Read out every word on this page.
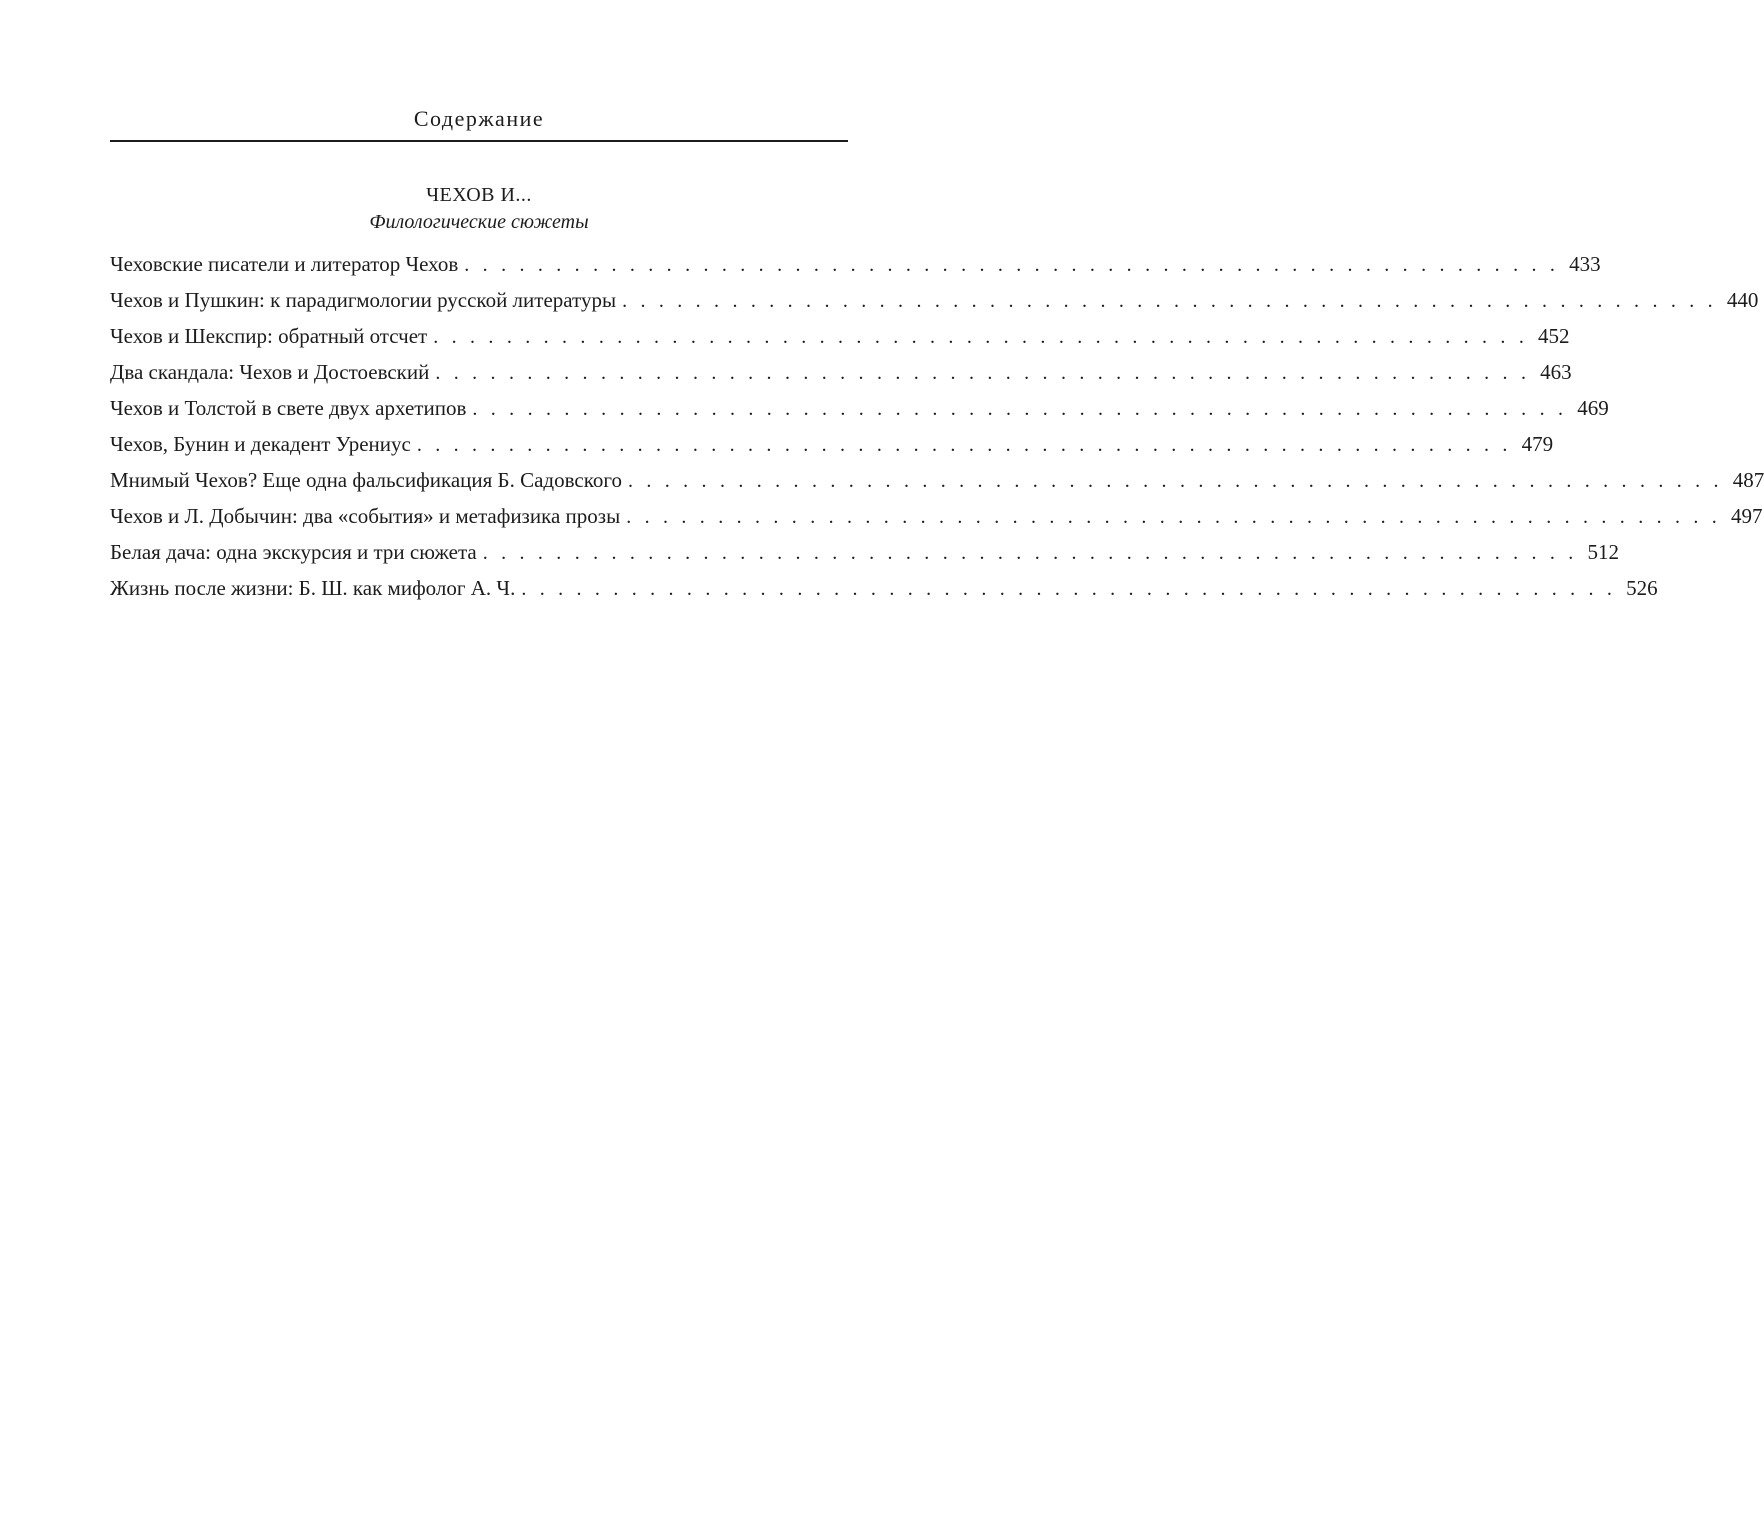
Содержание
ЧЕХОВ И...
Филологические сюжеты
Чеховские писатели и литератор Чехов . . . . . . . . . . . . . . . . . . . . . . . . . . . . . . . . . . . . . . . . . . . . . . . . . . . . . . . . . . . . 433
Чехов и Пушкин: к парадигмологии русской литературы . . . . . . . . . . . . . . . . . . . . . . . . . . . . . . . . . . . . . . . . . . . . . . . . . . . . . . . . . . . . 440
Чехов и Шекспир: обратный отсчет . . . . . . . . . . . . . . . . . . . . . . . . . . . . . . . . . . . . . . . . . . . . . . . . . . . . . . . . . . . . 452
Два скандала: Чехов и Достоевский . . . . . . . . . . . . . . . . . . . . . . . . . . . . . . . . . . . . . . . . . . . . . . . . . . . . . . . . . . . . 463
Чехов и Толстой в свете двух архетипов . . . . . . . . . . . . . . . . . . . . . . . . . . . . . . . . . . . . . . . . . . . . . . . . . . . . . . . . . . . . 469
Чехов, Бунин и декадент Урениус . . . . . . . . . . . . . . . . . . . . . . . . . . . . . . . . . . . . . . . . . . . . . . . . . . . . . . . . . . . . 479
Мнимый Чехов? Еще одна фальсификация Б. Садовского . . . . . . . . . . . . . . . . . . . . . . . . . . . . . . . . . . . . . . . . . . . . . . . . . . . . . . . . . . . . 487
Чехов и Л. Добычин: два «события» и метафизика прозы . . . . . . . . . . . . . . . . . . . . . . . . . . . . . . . . . . . . . . . . . . . . . . . . . . . . . . . . . . . . 497
Белая дача: одна экскурсия и три сюжета . . . . . . . . . . . . . . . . . . . . . . . . . . . . . . . . . . . . . . . . . . . . . . . . . . . . . . . . . . . . 512
Жизнь после жизни: Б. Ш. как мифолог А. Ч. . . . . . . . . . . . . . . . . . . . . . . . . . . . . . . . . . . . . . . . . . . . . . . . . . . . . . . . . . . . . 526
